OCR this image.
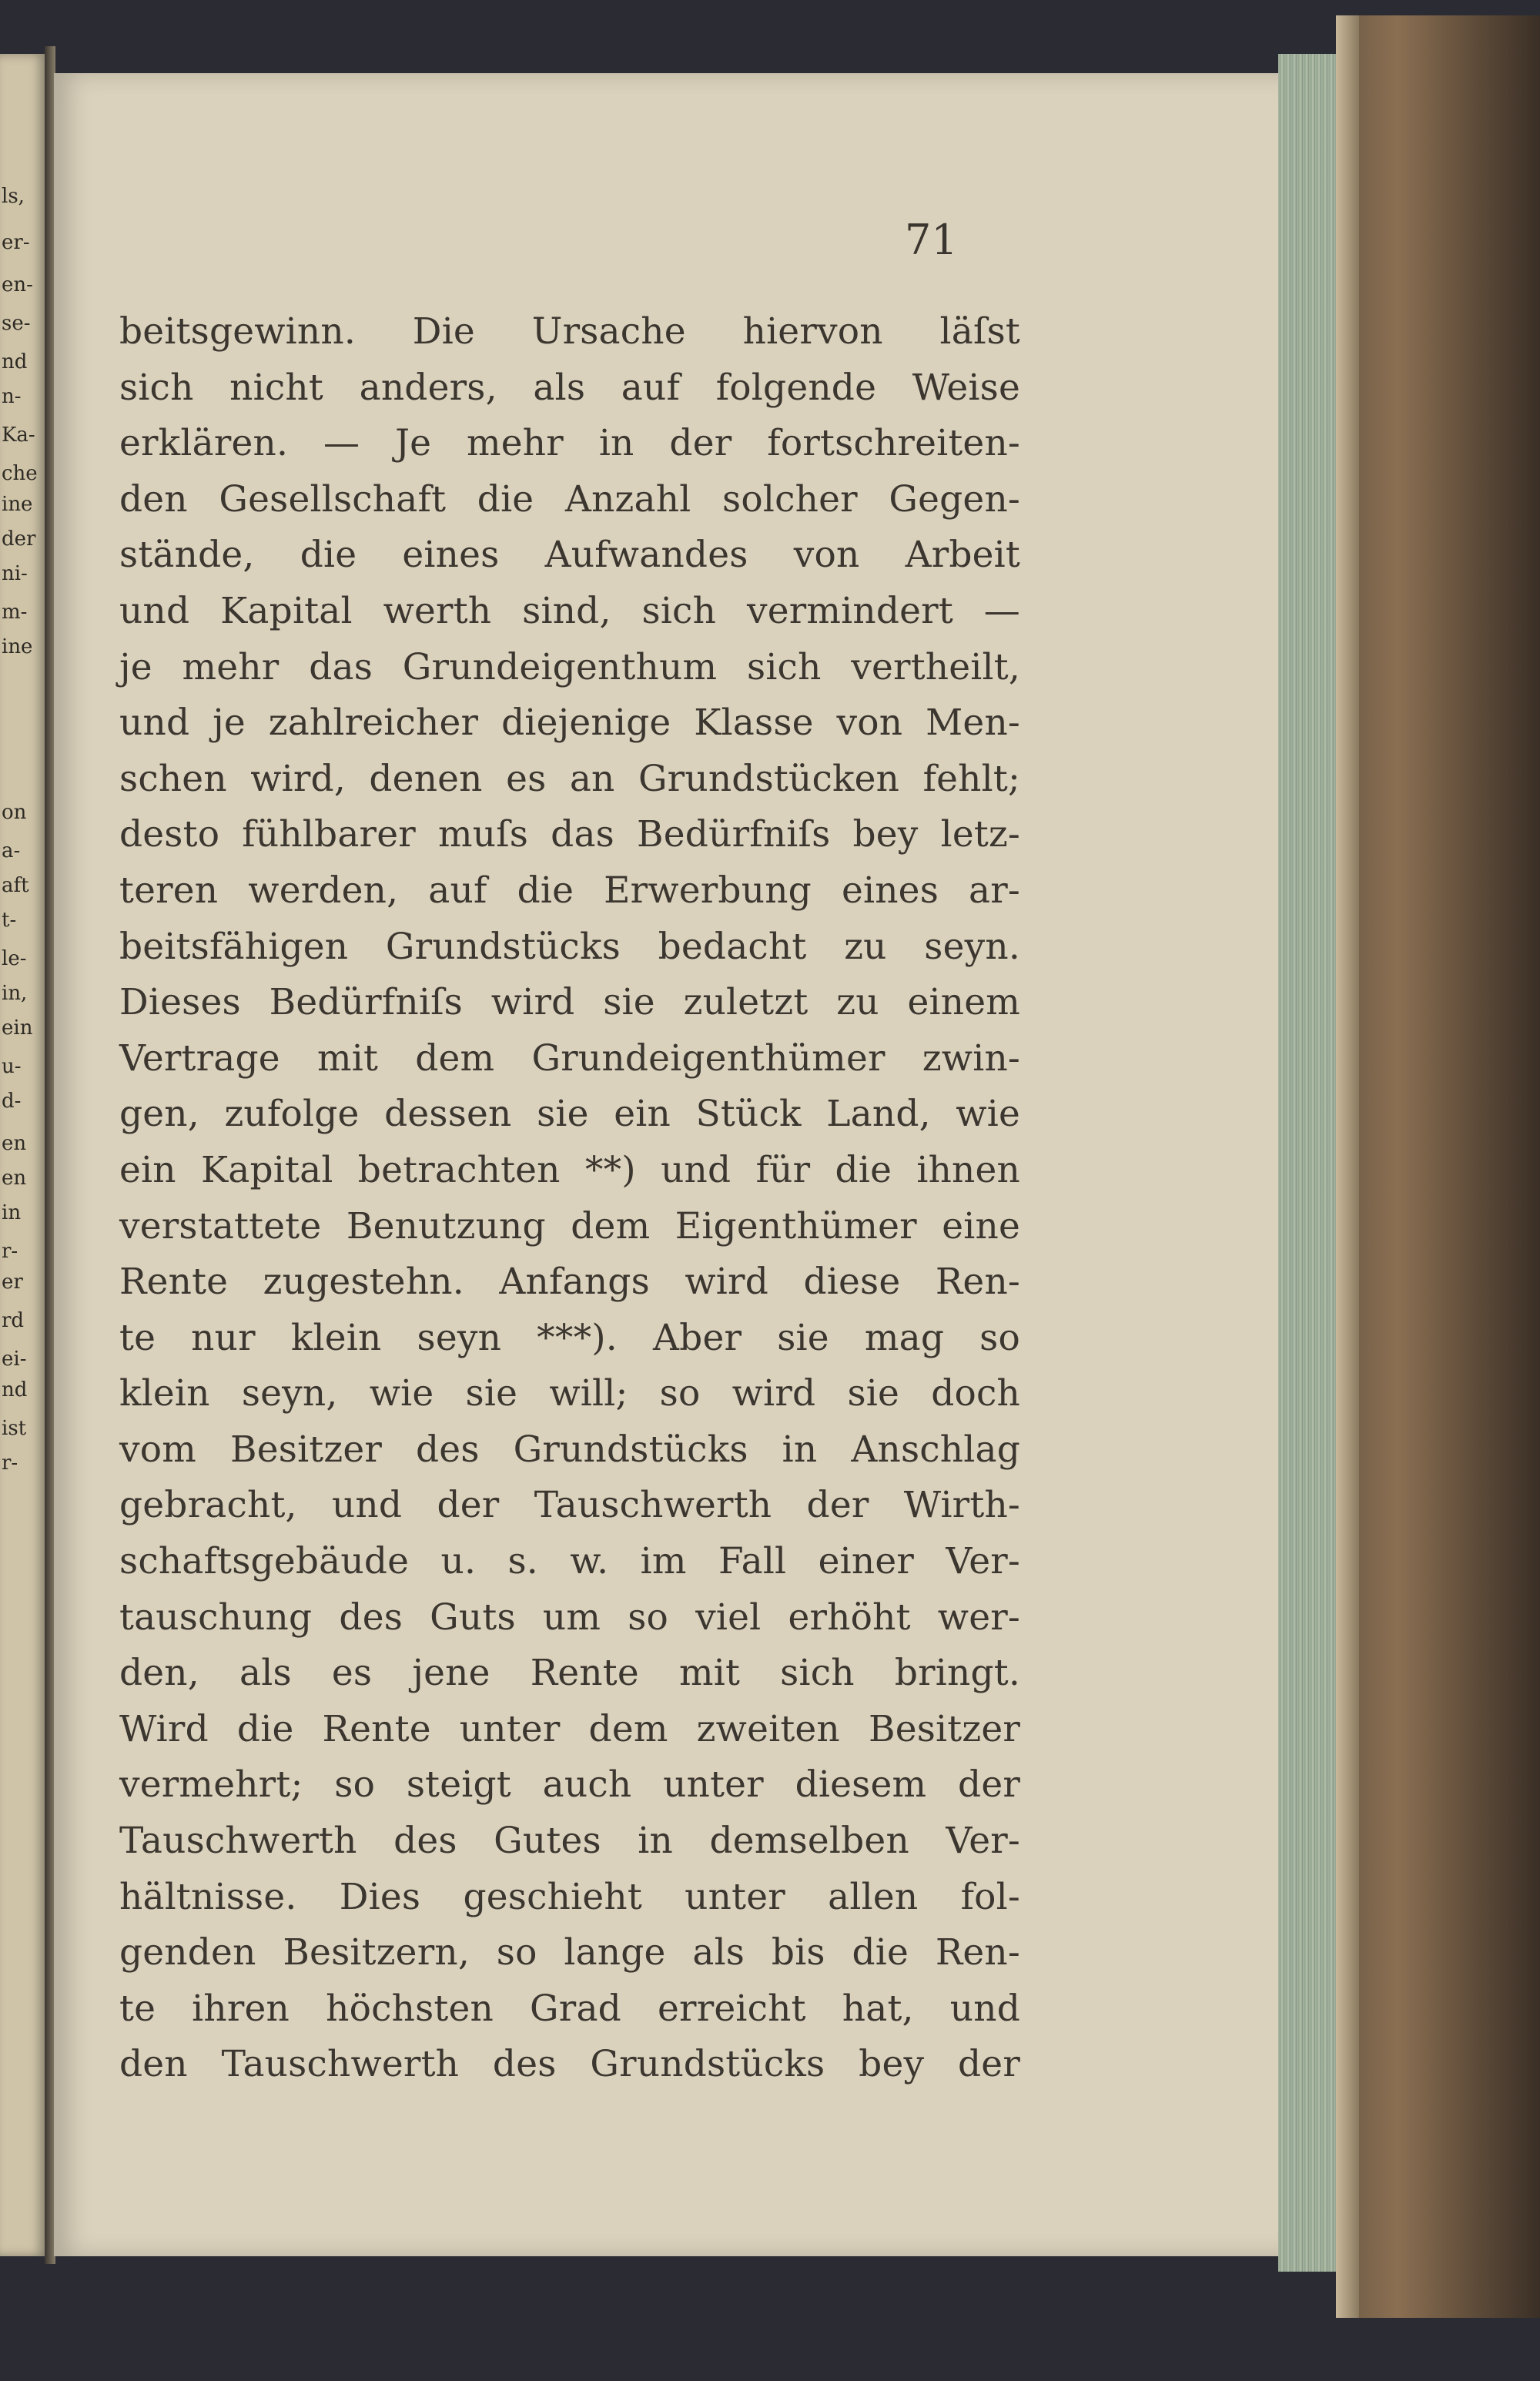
ls,
er-
en-
se-
nd
n-
Ka-
che
ine
der
ni-
m-
ine
on
a-
aft
t-
le-
in,
ein
u-
d-
en
en
in
r-
er
rd
ei-
nd
ist
r-
71
beitsgewinn. Die Ursache hiervon läſst
sich nicht anders, als auf folgende Weise
erklären. — Je mehr in der fortschreiten-
den Gesellschaft die Anzahl solcher Gegen-
stände, die eines Aufwandes von Arbeit
und Kapital werth sind, sich vermindert —
je mehr das Grundeigenthum sich vertheilt,
und je zahlreicher diejenige Klasse von Men-
schen wird, denen es an Grundstücken fehlt;
desto fühlbarer muſs das Bedürfniſs bey letz-
teren werden, auf die Erwerbung eines ar-
beitsfähigen Grundstücks bedacht zu seyn.
Dieses Bedürfniſs wird sie zuletzt zu einem
Vertrage mit dem Grundeigenthümer zwin-
gen, zufolge dessen sie ein Stück Land, wie
ein Kapital betrachten **) und für die ihnen
verstattete Benutzung dem Eigenthümer eine
Rente zugestehn. Anfangs wird diese Ren-
te nur klein seyn ***). Aber sie mag so
klein seyn, wie sie will; so wird sie doch
vom Besitzer des Grundstücks in Anschlag
gebracht, und der Tauschwerth der Wirth-
schaftsgebäude u. s. w. im Fall einer Ver-
tauschung des Guts um so viel erhöht wer-
den, als es jene Rente mit sich bringt.
Wird die Rente unter dem zweiten Besitzer
vermehrt; so steigt auch unter diesem der
Tauschwerth des Gutes in demselben Ver-
hältnisse. Dies geschieht unter allen fol-
genden Besitzern, so lange als bis die Ren-
te ihren höchsten Grad erreicht hat, und
den Tauschwerth des Grundstücks bey der
